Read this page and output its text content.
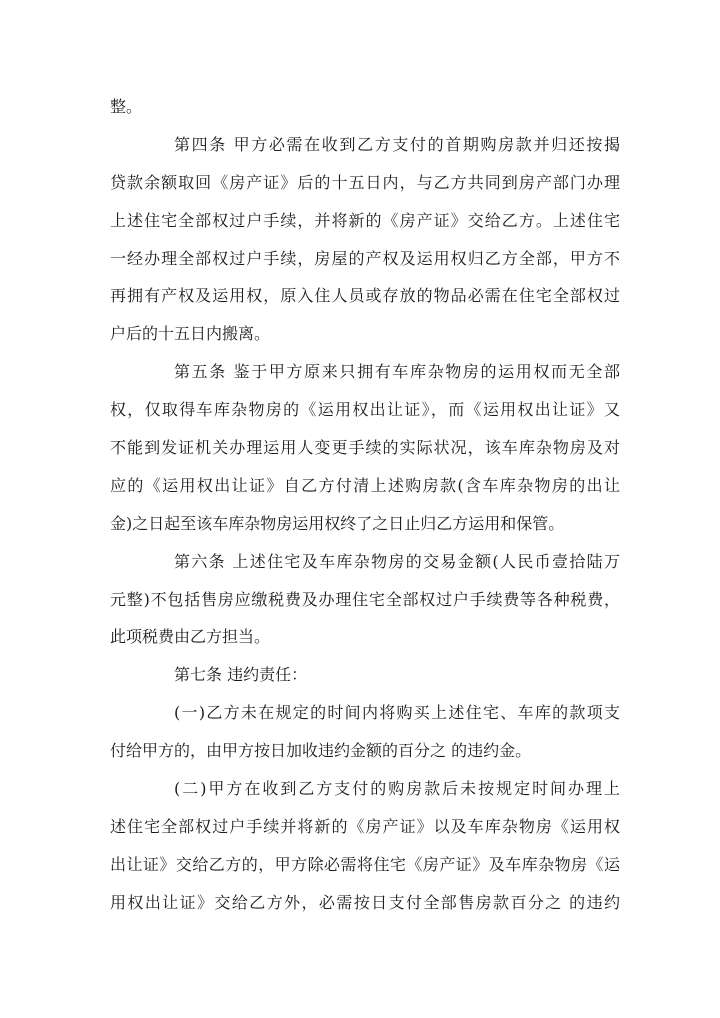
整。
第四条 甲方必需在收到乙方支付的首期购房款并归还按揭
贷款余额取回《房产证》后的十五日内，与乙方共同到房产部门办理
上述住宅全部权过户手续，并将新的《房产证》交给乙方。上述住宅
一经办理全部权过户手续，房屋的产权及运用权归乙方全部，甲方不
再拥有产权及运用权，原入住人员或存放的物品必需在住宅全部权过
户后的十五日内搬离。
第五条 鉴于甲方原来只拥有车库杂物房的运用权而无全部
权，仅取得车库杂物房的《运用权出让证》，而《运用权出让证》又
不能到发证机关办理运用人变更手续的实际状况，该车库杂物房及对
应的《运用权出让证》自乙方付清上述购房款(含车库杂物房的出让
金)之日起至该车库杂物房运用权终了之日止归乙方运用和保管。
第六条 上述住宅及车库杂物房的交易金额(人民币壹拾陆万
元整)不包括售房应缴税费及办理住宅全部权过户手续费等各种税费，
此项税费由乙方担当。
第七条 违约责任：
(一)乙方未在规定的时间内将购买上述住宅、车库的款项支
付给甲方的，由甲方按日加收违约金额的百分之 的违约金。
(二)甲方在收到乙方支付的购房款后未按规定时间办理上
述住宅全部权过户手续并将新的《房产证》以及车库杂物房《运用权
出让证》交给乙方的，甲方除必需将住宅《房产证》及车库杂物房《运
用权出让证》交给乙方外，必需按日支付全部售房款百分之 的违约
